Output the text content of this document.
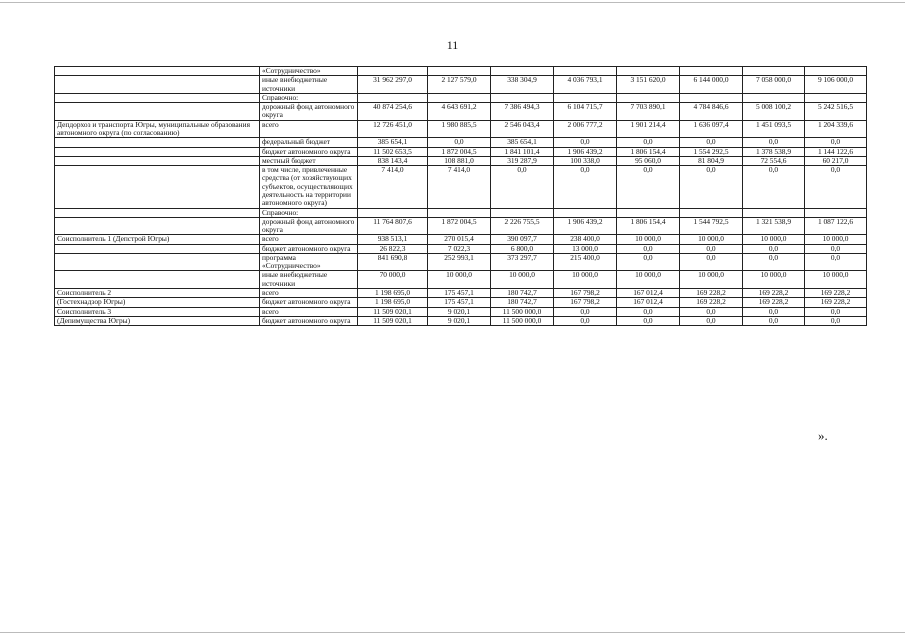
11
	«Сотрудничество»								
	иные внебюджетные источники	31 962 297,0	2 127 579,0	338 304,9	4 036 793,1	3 151 620,0	6 144 000,0	7 058 000,0	9 106 000,0
	Справочно:								
	дорожный фонд автономного округа	40 874 254,6	4 643 691,2	7 386 494,3	6 104 715,7	7 703 890,1	4 784 846,6	5 008 100,2	5 242 516,5
Депдорхоз и транспорта Югры, муниципальные образования автономного округа (по согласованию)	всего	12 726 451,0	1 980 885,5	2 546 043,4	2 006 777,2	1 901 214,4	1 636 097,4	1 451 093,5	1 204 339,6
	федеральный бюджет	385 654,1	0,0	385 654,1	0,0	0,0	0,0	0,0	0,0
	бюджет автономного округа	11 502 653,5	1 872 004,5	1 841 101,4	1 906 439,2	1 806 154,4	1 554 292,5	1 378 538,9	1 144 122,6
	местный бюджет	838 143,4	108 881,0	319 287,9	100 338,0	95 060,0	81 804,9	72 554,6	60 217,0
	в том числе, привлеченные средства (от хозяйствующих субъектов, осуществляющих деятельность на территории автономного округа)	7 414,0	7 414,0	0,0	0,0	0,0	0,0	0,0	0,0
	Справочно:								
	дорожный фонд автономного округа	11 764 807,6	1 872 004,5	2 226 755,5	1 906 439,2	1 806 154,4	1 544 792,5	1 321 538,9	1 087 122,6
Соисполнитель 1 (Депстрой Югры)	всего	938 513,1	270 015,4	390 097,7	238 400,0	10 000,0	10 000,0	10 000,0	10 000,0
	бюджет автономного округа	26 822,3	7 022,3	6 800,0	13 000,0	0,0	0,0	0,0	0,0
	программа «Сотрудничество»	841 690,8	252 993,1	373 297,7	215 400,0	0,0	0,0	0,0	0,0
	иные внебюджетные источники	70 000,0	10 000,0	10 000,0	10 000,0	10 000,0	10 000,0	10 000,0	10 000,0
Соисполнитель 2	всего	1 198 695,0	175 457,1	180 742,7	167 798,2	167 012,4	169 228,2	169 228,2	169 228,2
(Гостехнадзор Югры)	бюджет автономного округа	1 198 695,0	175 457,1	180 742,7	167 798,2	167 012,4	169 228,2	169 228,2	169 228,2
Соисполнитель 3	всего	11 509 020,1	9 020,1	11 500 000,0	0,0	0,0	0,0	0,0	0,0
(Депимущества Югры)	бюджет автономного округа	11 509 020,1	9 020,1	11 500 000,0	0,0	0,0	0,0	0,0	0,0
».
